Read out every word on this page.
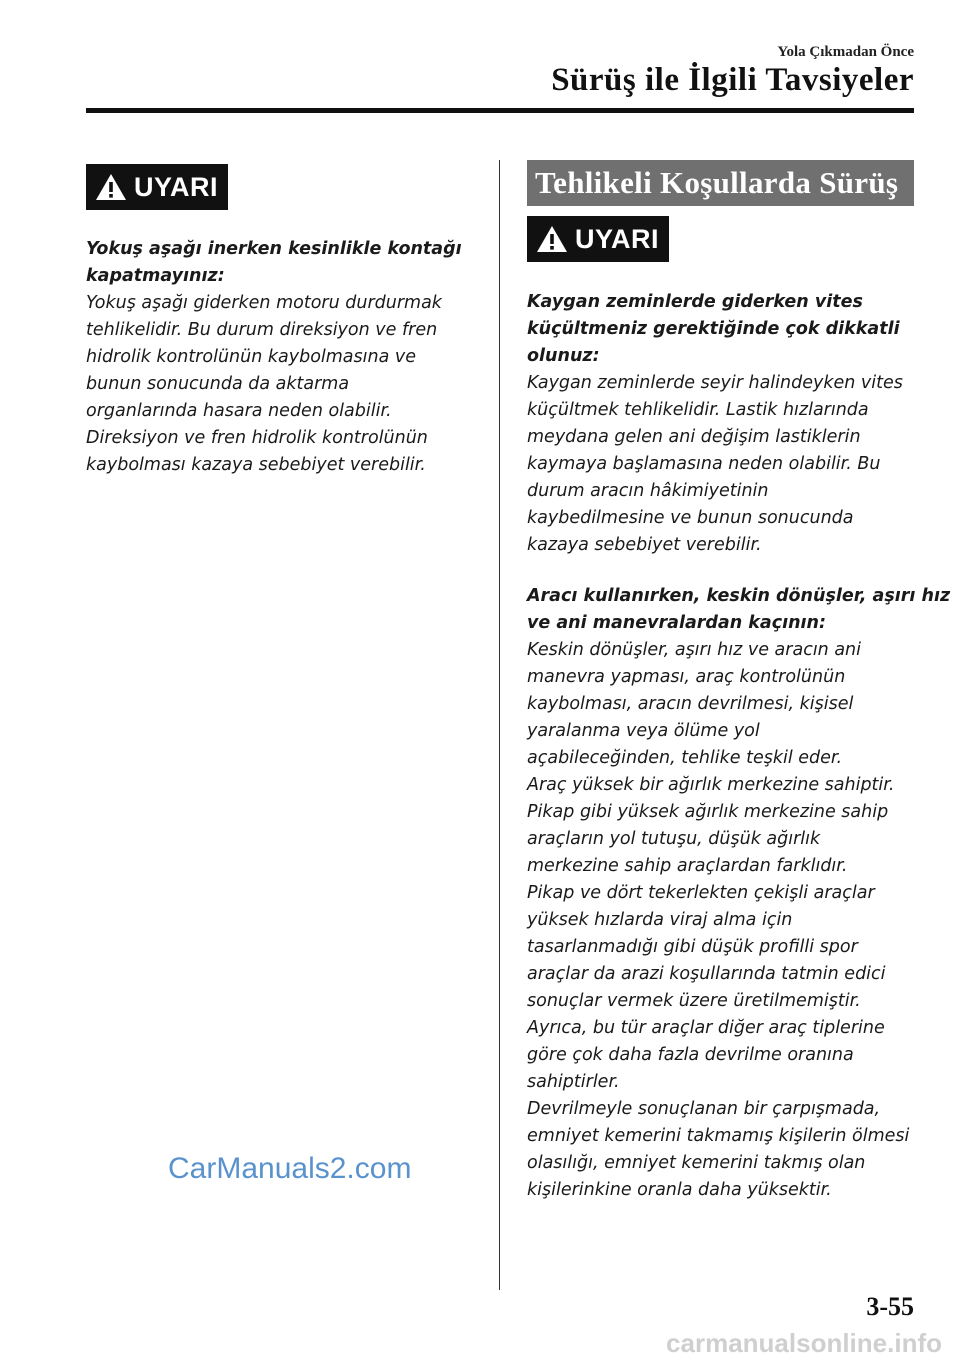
Yola Çıkmadan Önce
Sürüş ile İlgili Tavsiyeler
UYARI
Yokuş aşağı inerken kesinlikle kontağı
kapatmayınız:
Yokuş aşağı giderken motoru durdurmak
tehlikelidir. Bu durum direksiyon ve fren
hidrolik kontrolünün kaybolmasına ve
bunun sonucunda da aktarma
organlarında hasara neden olabilir.
Direksiyon ve fren hidrolik kontrolünün
kaybolması kazaya sebebiyet verebilir.
Tehlikeli Koşullarda Sürüş
UYARI
Kaygan zeminlerde giderken vites
küçültmeniz gerektiğinde çok dikkatli
olunuz:
Kaygan zeminlerde seyir halindeyken vites
küçültmek tehlikelidir. Lastik hızlarında
meydana gelen ani değişim lastiklerin
kaymaya başlamasına neden olabilir. Bu
durum aracın hâkimiyetinin
kaybedilmesine ve bunun sonucunda
kazaya sebebiyet verebilir.
Aracı kullanırken, keskin dönüşler, aşırı hız
ve ani manevralardan kaçının:
Keskin dönüşler, aşırı hız ve aracın ani
manevra yapması, araç kontrolünün
kaybolması, aracın devrilmesi, kişisel
yaralanma veya ölüme yol
açabileceğinden, tehlike teşkil eder.
Araç yüksek bir ağırlık merkezine sahiptir.
Pikap gibi yüksek ağırlık merkezine sahip
araçların yol tutuşu, düşük ağırlık
merkezine sahip araçlardan farklıdır.
Pikap ve dört tekerlekten çekişli araçlar
yüksek hızlarda viraj alma için
tasarlanmadığı gibi düşük profilli spor
araçlar da arazi koşullarında tatmin edici
sonuçlar vermek üzere üretilmemiştir.
Ayrıca, bu tür araçlar diğer araç tiplerine
göre çok daha fazla devrilme oranına
sahiptirler.
Devrilmeyle sonuçlanan bir çarpışmada,
emniyet kemerini takmamış kişilerin ölmesi
olasılığı, emniyet kemerini takmış olan
kişilerinkine oranla daha yüksektir.
CarManuals2.com
3-55
carmanualsonline.info
